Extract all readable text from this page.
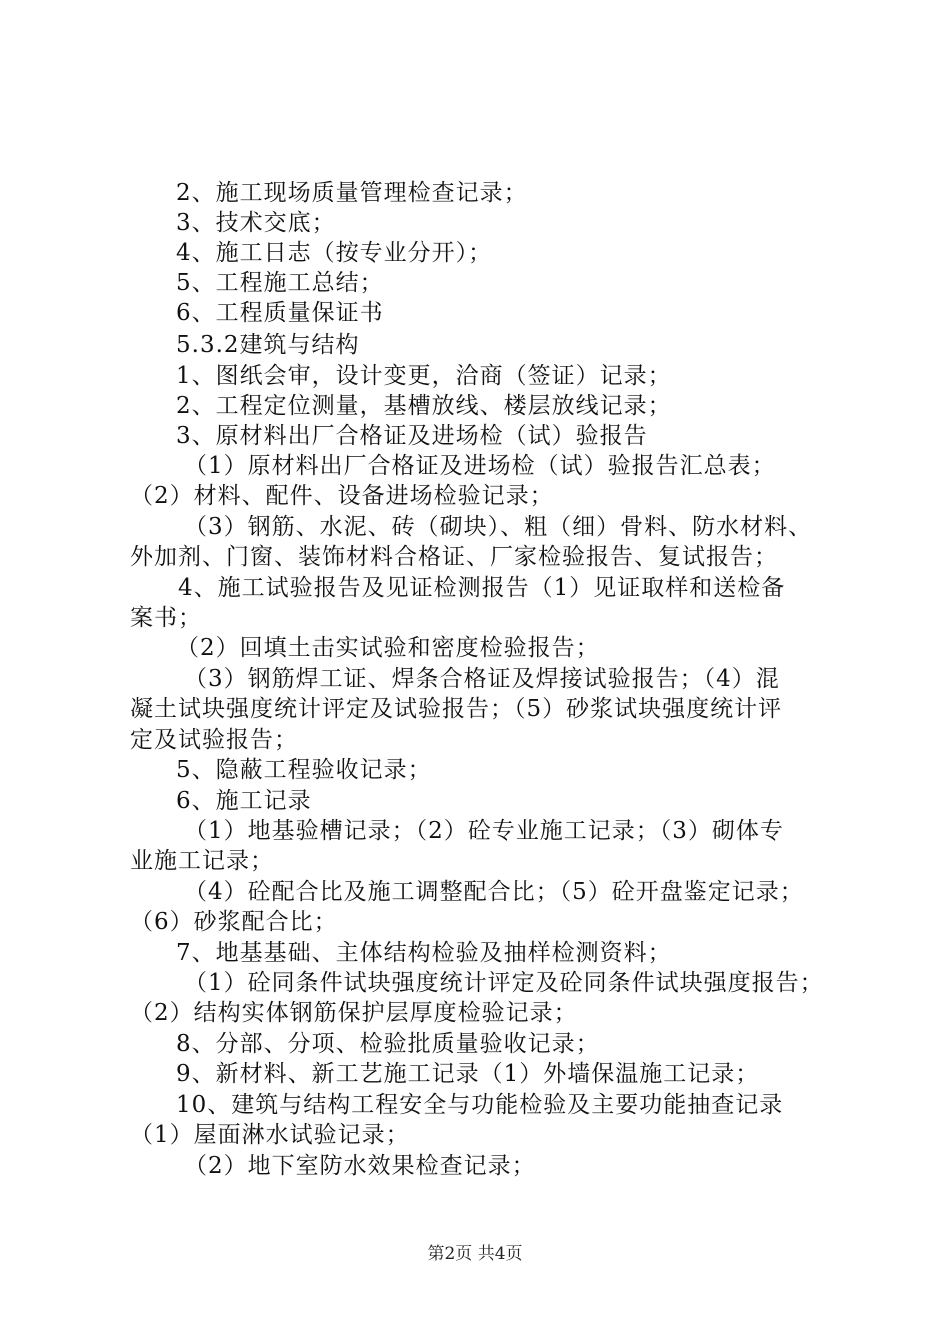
2、施工现场质量管理检查记录；
3、技术交底；
4、施工日志（按专业分开）；
5、工程施工总结；
6、工程质量保证书
5.3.2建筑与结构
1、图纸会审，设计变更，洽商（签证）记录；
2、工程定位测量，基槽放线、楼层放线记录；
3、原材料出厂合格证及进场检（试）验报告
（1）原材料出厂合格证及进场检（试）验报告汇总表；
（2）材料、配件、设备进场检验记录；
（3）钢筋、水泥、砖（砌块）、粗（细）骨料、防水材料、
外加剂、门窗、装饰材料合格证、厂家检验报告、复试报告；
4、施工试验报告及见证检测报告（1）见证取样和送检备
案书；
（2）回填土击实试验和密度检验报告；
（3）钢筋焊工证、焊条合格证及焊接试验报告；（4）混
凝土试块强度统计评定及试验报告；（5）砂浆试块强度统计评
定及试验报告；
5、隐蔽工程验收记录；
6、施工记录
（1）地基验槽记录；（2）砼专业施工记录；（3）砌体专
业施工记录；
（4）砼配合比及施工调整配合比；（5）砼开盘鉴定记录；
（6）砂浆配合比；
7、地基基础、主体结构检验及抽样检测资料；
（1）砼同条件试块强度统计评定及砼同条件试块强度报告；
（2）结构实体钢筋保护层厚度检验记录；
8、分部、分项、检验批质量验收记录；
9、新材料、新工艺施工记录（1）外墙保温施工记录；
10、建筑与结构工程安全与功能检验及主要功能抽查记录
（1）屋面淋水试验记录；
（2）地下室防水效果检查记录；
第2页 共4页
